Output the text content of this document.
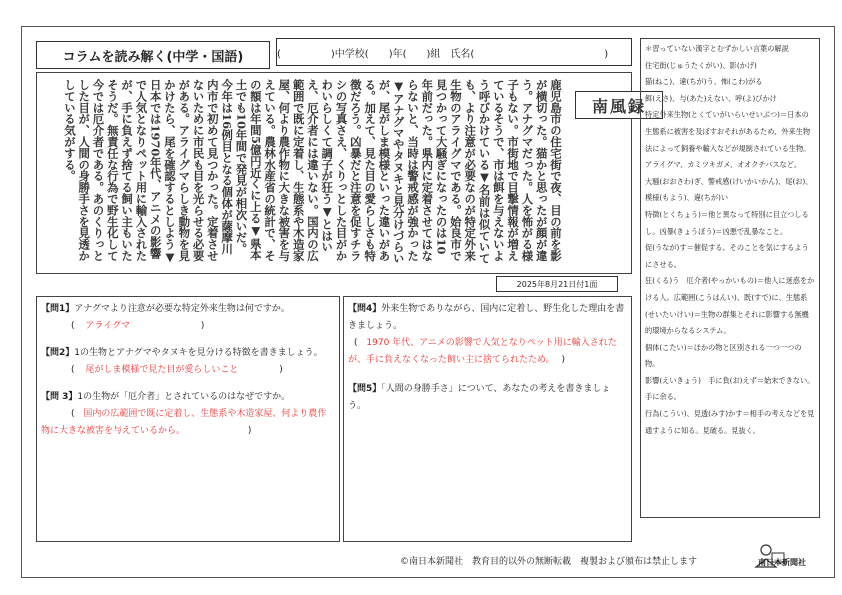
コラムを読み解く(中学・国語)	(　　　　　)中学校(　　)年(　　)組　氏名(　　　　　　　　　　　　　)
鹿児島市の住宅街で夜、目の前を影が横切った。猫かと思ったが顔が違う。アナグマだった。人を怖がる様子もない。市街地で目撃情報が増えているそうで、市は餌を与えないよう呼びかけている▼名前は似ていても、より注意が必要なのが特定外来生物のアライグマである。姶良市で見つかって大騒ぎになったのは10年前だった。県内に定着させてはならないと、当時は警戒感が強かった▼アナグマやタヌキと見分けづらいが、尾がしま模様といった違いがある。加えて、見た目の愛らしさも特徴だろう。凶暴だと注意を促すチラシの写真さえ、くりっとした目がかわいらしくて調子が狂う▼とはいえ、厄介者には違いない。国内の広範囲で既に定着し、生態系や木造家屋、何より農作物に大きな被害を与えている。農林水産省の統計で、その額は年間5億円近くに上る▼県本土でも10年間で発見が相次いだ。今年は16例目となる個体が薩摩川内市で初めて見つかった。定着させないために市民も目を光らせる必要がある。アライグマらしき動物を見かけたら、尾を確認するとしよう▼日本では1970年代、アニメの影響で人気となりペット用に輸入されたが、手に負えず捨てる飼い主もいたそうだ。無責任な行為で野生化して今では厄介者である。あのくりっとした目が、人間の身勝手さを見透かしている気がする。	南風録
2025年8月21日付1面
【問1】アナグマより注意が必要な特定外来生物は何ですか。
( アライグマ	)
【問2】1の生物とアナグマやタヌキを見分ける特徴を書きましょう。
( 尾がしま模様で見た目が愛らしいこと	)
【問 3】1の生物が「厄介者」とされているのはなぜですか。
( 国内の広範囲で既に定着し、生態系や木造家屋、何より農作物に大きな被害を与えているから。	)
【問4】外来生物でありながら、国内に定着し、野生化した理由を書きましょう。
( 1970 年代、アニメの影響で人気となりペット用に輸入されたが、手に負えなくなった飼い主に捨てられたため。 )
【問5】「人間の身勝手さ」について、あなたの考えを書きましょう。

＊習っていない漢字とむずかしい言葉の解説

住宅街(じゅうたくがい)、影(かげ)

猫(ねこ)、違(ちが)う、怖(こわ)がる

餌(えさ)、与(あた)えない、呼(よ)びかけ

特定外来生物(とくていがいらいせいぶつ)＝日本の生態系に被害を及ぼすおそれがあるため、外来生物法によって飼養や輸入などが規制されている生物。アライグマ、カミツキガメ、オオクチバスなど。

大騒(おおさわ)ぎ、警戒感(けいかいかん)、尾(お)、模様(もよう)、違(ちが)い

特徴(とくちょう)＝他と異なって特別に目立つしるし。凶暴(きょうぼう)＝凶悪で乱暴なこと。

促(うなが)す＝催促する。そのことを気にするようにさせる。

狂(くる)う　厄介者(やっかいもの)＝他人に迷惑をかける人。広範囲(こうはんい)、既(すで)に、生態系(せいたいけい)＝生物の群集とそれに影響する無機的環境からなるシステム。

個体(こたい)＝ほかの物と区別される一つ一つの物。

影響(えいきょう)　手に負(お)えず＝始末できない。手に余る。

行為(こうい)、見透(みす)かす＝相手の考えなどを見通すように知る。見破る。見抜く。

©南日本新聞社　教育目的以外の無断転載　複製および頒布は禁止します	南日本新聞社
